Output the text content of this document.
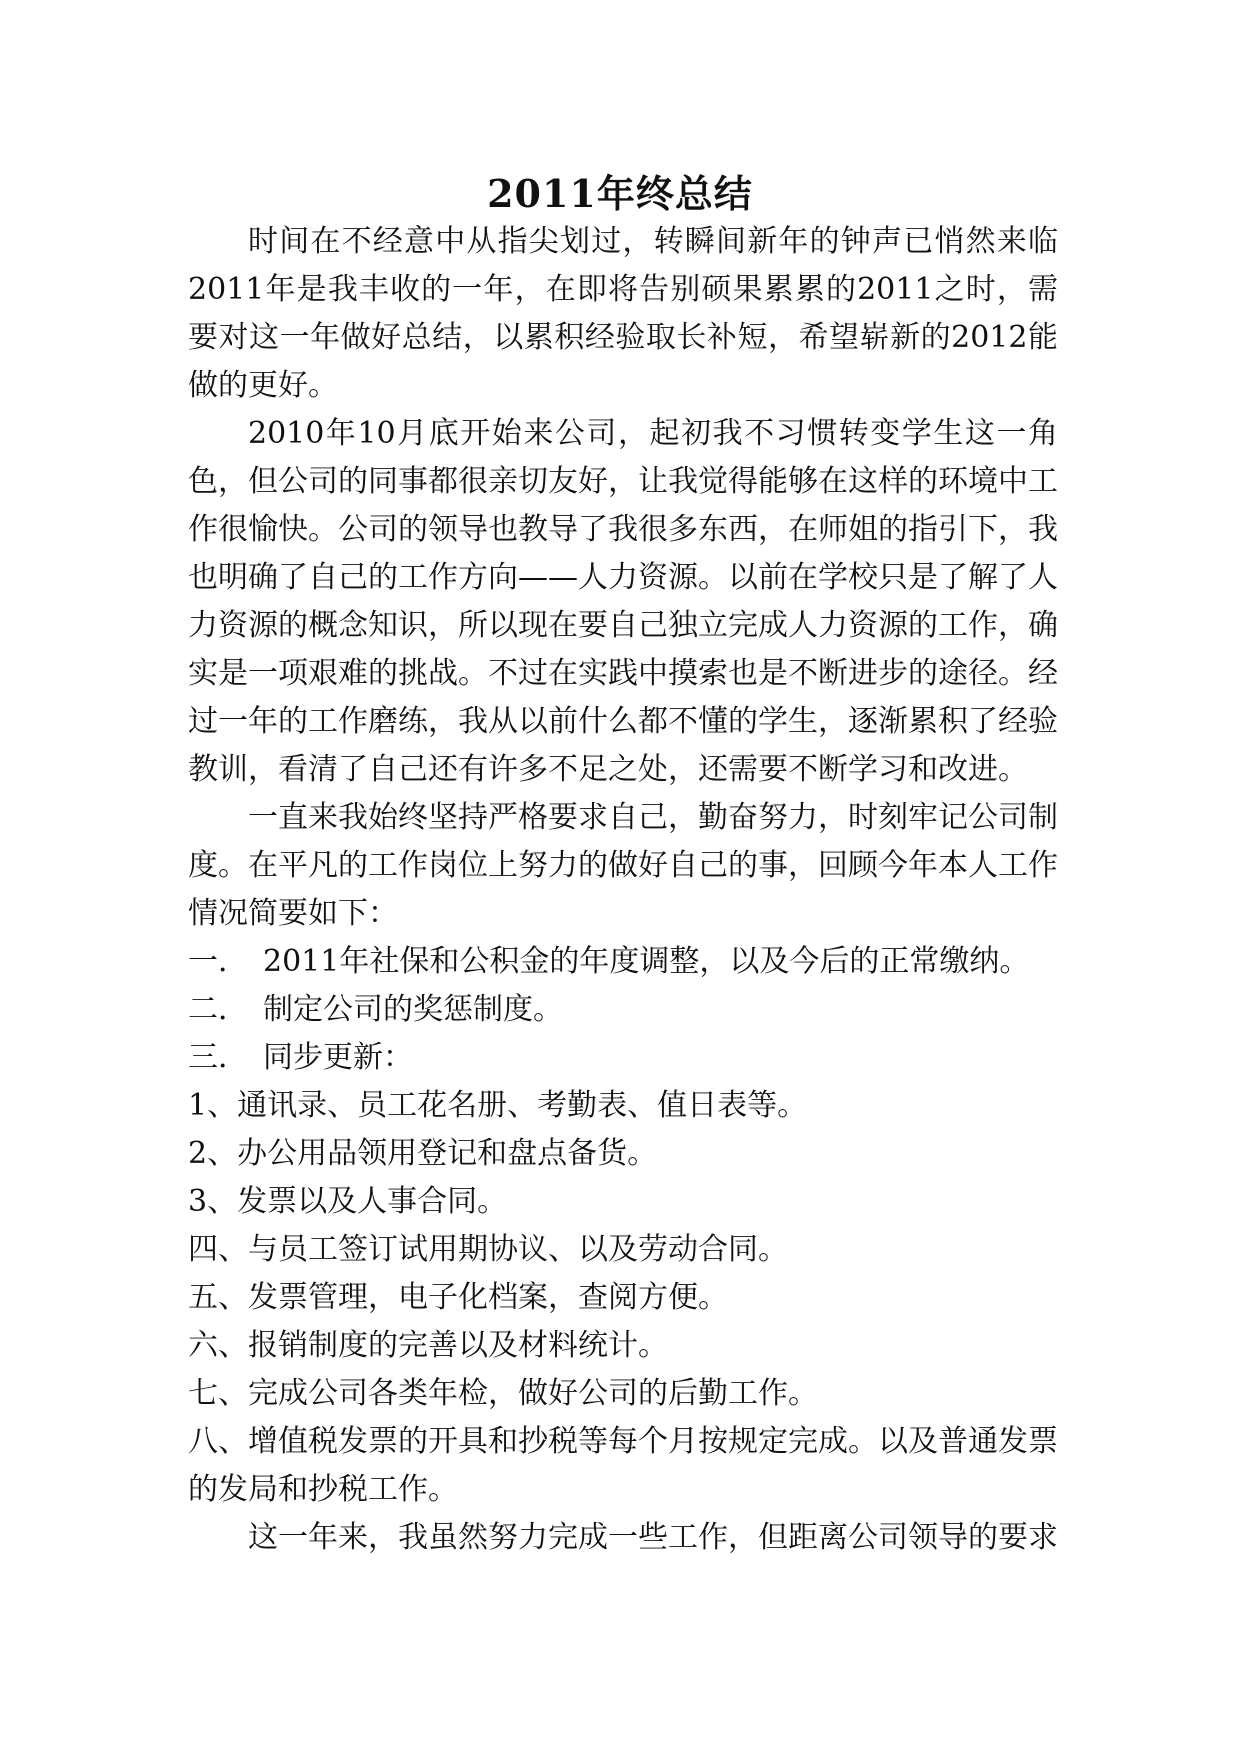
2011年终总结

时间在不经意中从指尖划过，转瞬间新年的钟声已悄然来临2011年是我丰收的一年，在即将告别硕果累累的2011之时，需要对这一年做好总结，以累积经验取长补短，希望崭新的2012能做的更好。

2010年10月底开始来公司，起初我不习惯转变学生这一角色，但公司的同事都很亲切友好，让我觉得能够在这样的环境中工作很愉快。公司的领导也教导了我很多东西，在师姐的指引下，我也明确了自己的工作方向——人力资源。以前在学校只是了解了人力资源的概念知识，所以现在要自己独立完成人力资源的工作，确实是一项艰难的挑战。不过在实践中摸索也是不断进步的途径。经过一年的工作磨练，我从以前什么都不懂的学生，逐渐累积了经验教训，看清了自己还有许多不足之处，还需要不断学习和改进。

一直来我始终坚持严格要求自己，勤奋努力，时刻牢记公司制度。在平凡的工作岗位上努力的做好自己的事，回顾今年本人工作情况简要如下：

一． 2011年社保和公积金的年度调整，以及今后的正常缴纳。

二． 制定公司的奖惩制度。

三． 同步更新：

1、通讯录、员工花名册、考勤表、值日表等。

2、办公用品领用登记和盘点备货。

3、发票以及人事合同。

四、与员工签订试用期协议、以及劳动合同。

五、发票管理，电子化档案，查阅方便。

六、报销制度的完善以及材料统计。

七、完成公司各类年检，做好公司的后勤工作。

八、增值税发票的开具和抄税等每个月按规定完成。以及普通发票的发局和抄税工作。

这一年来，我虽然努力完成一些工作，但距离公司领导的要求
